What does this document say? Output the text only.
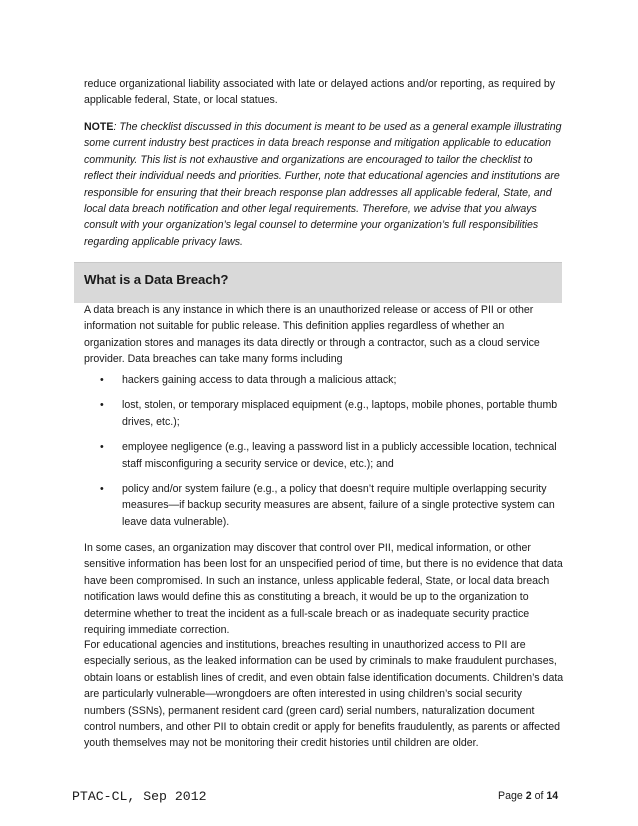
reduce organizational liability associated with late or delayed actions and/or reporting, as required by applicable federal, State, or local statues.

NOTE: The checklist discussed in this document is meant to be used as a general example illustrating some current industry best practices in data breach response and mitigation applicable to education community. This list is not exhaustive and organizations are encouraged to tailor the checklist to reflect their individual needs and priorities. Further, note that educational agencies and institutions are responsible for ensuring that their breach response plan addresses all applicable federal, State, and local data breach notification and other legal requirements. Therefore, we advise that you always consult with your organization’s legal counsel to determine your organization’s full responsibilities regarding applicable privacy laws.

What is a Data Breach?

A data breach is any instance in which there is an unauthorized release or access of PII or other information not suitable for public release. This definition applies regardless of whether an organization stores and manages its data directly or through a contractor, such as a cloud service provider. Data breaches can take many forms including

• hackers gaining access to data through a malicious attack;
• lost, stolen, or temporary misplaced equipment (e.g., laptops, mobile phones, portable thumb drives, etc.);
• employee negligence (e.g., leaving a password list in a publicly accessible location, technical staff misconfiguring a security service or device, etc.); and
• policy and/or system failure (e.g., a policy that doesn’t require multiple overlapping security measures—if backup security measures are absent, failure of a single protective system can leave data vulnerable).

In some cases, an organization may discover that control over PII, medical information, or other sensitive information has been lost for an unspecified period of time, but there is no evidence that data have been compromised. In such an instance, unless applicable federal, State, or local data breach notification laws would define this as constituting a breach, it would be up to the organization to determine whether to treat the incident as a full-scale breach or as inadequate security practice requiring immediate correction.

For educational agencies and institutions, breaches resulting in unauthorized access to PII are especially serious, as the leaked information can be used by criminals to make fraudulent purchases, obtain loans or establish lines of credit, and even obtain false identification documents. Children’s data are particularly vulnerable—wrongdoers are often interested in using children’s social security numbers (SSNs), permanent resident card (green card) serial numbers, naturalization document control numbers, and other PII to obtain credit or apply for benefits fraudulently, as parents or affected youth themselves may not be monitoring their credit histories until children are older.

PTAC-CL, Sep 2012	Page 2 of 14
